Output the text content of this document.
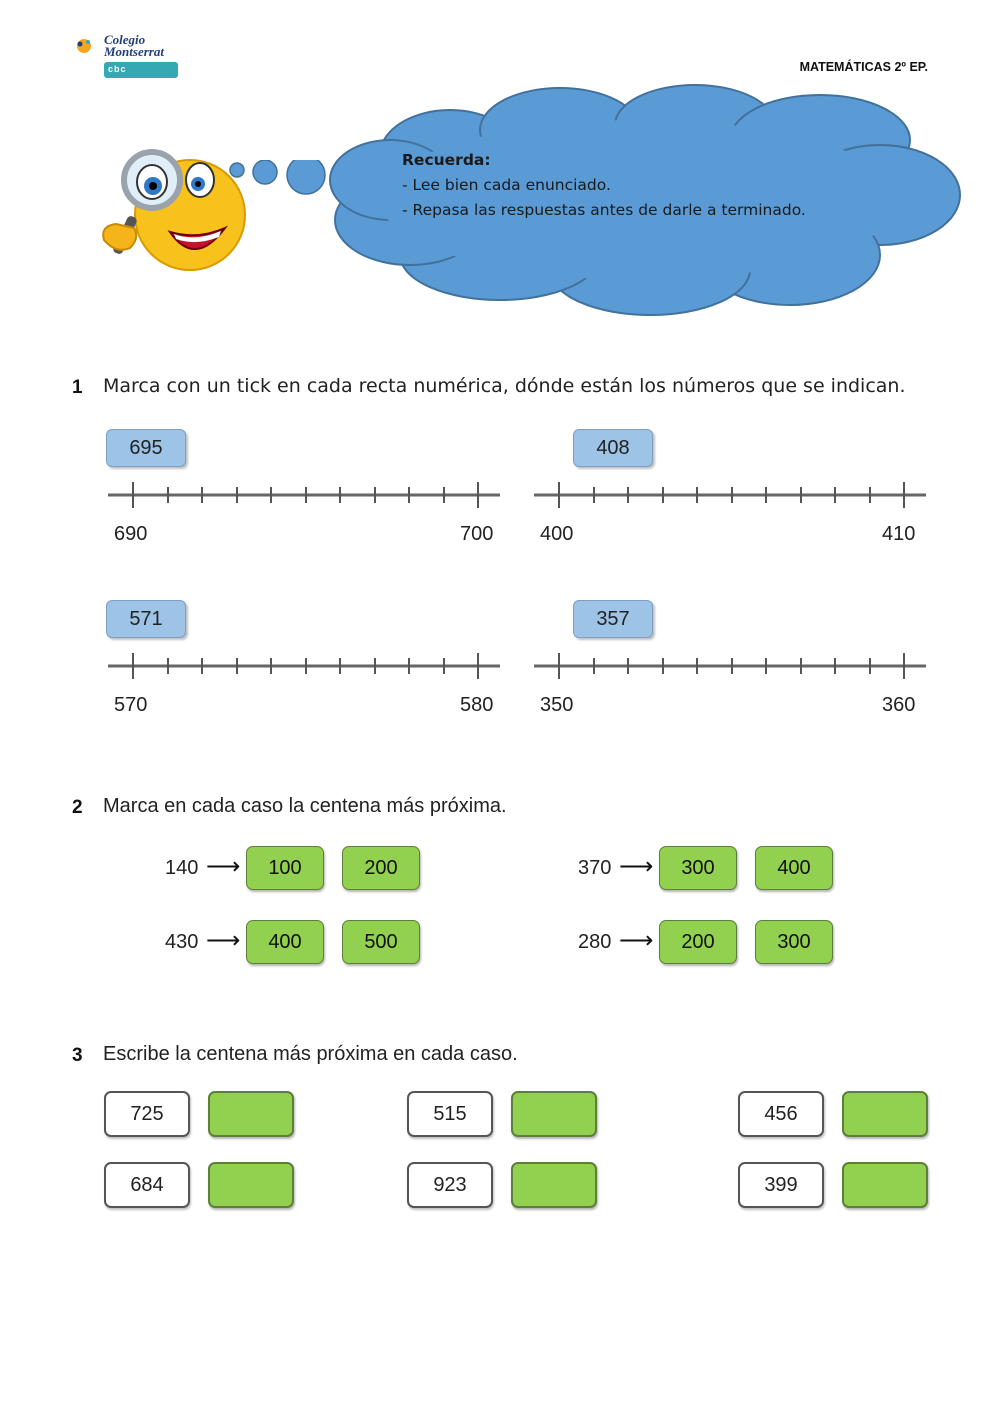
Colegio
Montserrat
cbc	MATEMÁTICAS 2º EP.
Recuerda:
- Lee bien cada enunciado.
- Repasa las respuestas antes de darle a terminado.
1 Marca con un tick en cada recta numérica, dónde están los números que se indican.
695
690	700
408
400	410
571
570	580
357
350	360
2 Marca en cada caso la centena más próxima.
140 ⟶	100	200	370 ⟶	300	400
430 ⟶	400	500	280 ⟶	200	300
3 Escribe la centena más próxima en cada caso.
725	515	456
684	923	399
